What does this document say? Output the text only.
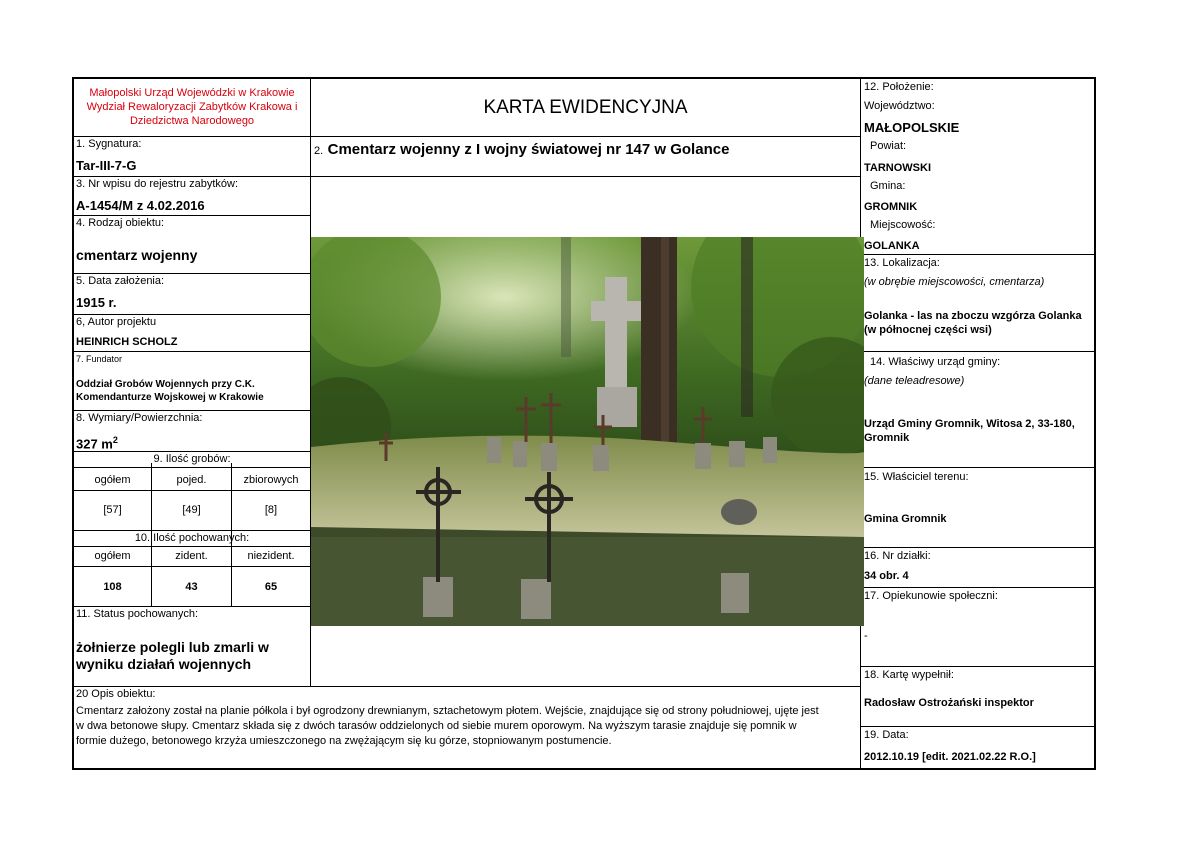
Małopolski Urząd Wojewódzki w Krakowie
Wydział Rewaloryzacji Zabytków Krakowa i
Dziedzictwa Narodowego
1. Sygnatura:
Tar-III-7-G
3. Nr wpisu do rejestru zabytków:
A-1454/M z 4.02.2016
4. Rodzaj obiektu:
cmentarz wojenny
5. Data założenia:
1915 r.
6, Autor projektu
HEINRICH SCHOLZ
7. Fundator
Oddział Grobów Wojennych przy C.K.
Komendanturze Wojskowej w Krakowie
8. Wymiary/Powierzchnia:
327 $m^2$
9. Ilość grobów:
ogółem	pojed.	zbiorowych
[57]	[49]	[8]
10. Ilość pochowanych:
ogółem	zident.	niezident.
108	43	65
11. Status pochowanych:
żołnierze polegli lub zmarli w
wyniku działań wojennych
KARTA EWIDENCYJNA
2. Cmentarz wojenny z I wojny światowej nr 147 w Golance
20 Opis obiektu:
Cmentarz założony został na planie półkola i był ogrodzony drewnianym, sztachetowym płotem. Wejście, znajdujące się od strony południowej, ujęte jest
w dwa betonowe słupy. Cmentarz składa się z dwóch tarasów oddzielonych od siebie murem oporowym. Na wyższym tarasie znajduje się pomnik w
formie dużego, betonowego krzyża umieszczonego na zwężającym się ku górze, stopniowanym postumencie.
12. Położenie:
Województwo:
MAŁOPOLSKIE
Powiat:
TARNOWSKI
Gmina:
GROMNIK
Miejscowość:
GOLANKA
13. Lokalizacja:
(w obrębie miejscowości, cmentarza)
Golanka - las na zboczu wzgórza Golanka
(w północnej części wsi)
14. Właściwy urząd gminy:
(dane teleadresowe)
Urząd Gminy Gromnik, Witosa 2, 33-180,
Gromnik
15. Właściciel terenu:
Gmina Gromnik
16. Nr działki:
34 obr. 4
17. Opiekunowie społeczni:
-
18. Kartę wypełnił:
Radosław Ostrożański inspektor
19. Data:
2012.10.19 [edit. 2021.02.22 R.O.]
